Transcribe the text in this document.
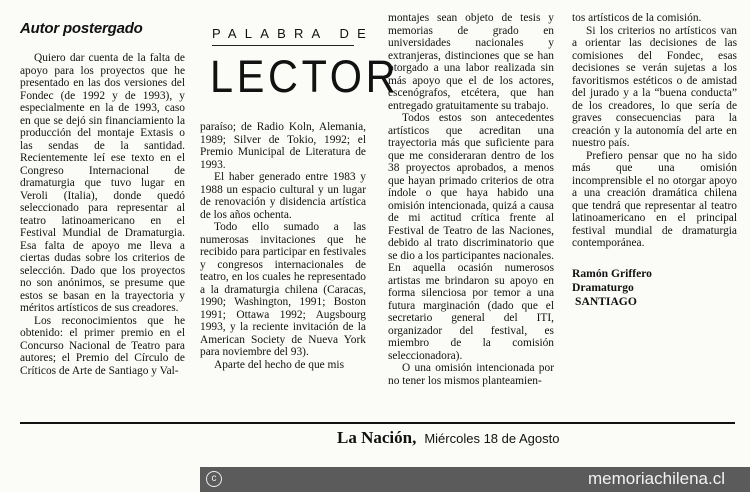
Autor postergado	PALABRA DE
LECTOR

Quiero dar cuenta de la falta de apoyo para los proyectos que he presentado en las dos versiones del Fondec (de 1992 y de 1993), y especialmente en la de 1993, caso en que se dejó sin financiamiento la producción del montaje Extasis o las sendas de la santidad. Recientemente leí ese texto en el Congreso Internacional de dramaturgia que tuvo lugar en Veroli (Italia), donde quedó seleccionado para representar al teatro latinoamericano en el Festival Mundial de Dramaturgia. Esa falta de apoyo me lleva a ciertas dudas sobre los criterios de selección. Dado que los proyectos no son anónimos, se presume que estos se basan en la trayectoria y méritos artísticos de sus creadores.

Los reconocimientos que he obtenido: el primer premio en el Concurso Nacional de Teatro para autores; el Premio del Círculo de Críticos de Arte de Santiago y Val-

paraíso; de Radio Koln, Alemania, 1989; Silver de Tokio, 1992; el Premio Municipal de Literatura de 1993.

El haber generado entre 1983 y 1988 un espacio cultural y un lugar de renovación y disidencia artística de los años ochenta.

Todo ello sumado a las numerosas invitaciones que he recibido para participar en festivales y congresos internacionales de teatro, en los cuales he representado a la dramaturgia chilena (Caracas, 1990; Washington, 1991; Boston 1991; Ottawa 1992; Augsbourg 1993, y la reciente invitación de la American Society de Nueva York para noviembre del 93).

Aparte del hecho de que mis

montajes sean objeto de tesis y memorias de grado en universidades nacionales y extranjeras, distinciones que se han otorgado a una labor realizada sin más apoyo que el de los actores, escenógrafos, etcétera, que han entregado gratuitamente su trabajo.

Todos estos son antecedentes artísticos que acreditan una trayectoria más que suficiente para que me consideraran dentro de los 38 proyectos aprobados, a menos que hayan primado criterios de otra índole o que haya habido una omisión intencionada, quizá a causa de mi actitud crítica frente al Festival de Teatro de las Naciones, debido al trato discriminatorio que se dio a los participantes nacionales. En aquella ocasión numerosos artistas me brindaron su apoyo en forma silenciosa por temor a una futura marginación (dado que el secretario general del ITI, organizador del festival, es miembro de la comisión seleccionadora).

O una omisión intencionada por no tener los mismos planteamien-

tos artísticos de la comisión.

Si los criterios no artísticos van a orientar las decisiones de las comisiones del Fondec, esas decisiones se verán sujetas a los favoritismos estéticos o de amistad del jurado y a la “buena conducta” de los creadores, lo que sería de graves consecuencias para la creación y la autonomía del arte en nuestro país.

Prefiero pensar que no ha sido más que una omisión incomprensible el no otorgar apoyo a una creación dramática chilena que tendrá que representar al teatro latinoamericano en el principal festival mundial de dramaturgia contemporánea.

Ramón Griffero
Dramaturgo
SANTIAGO
La Nación, Miércoles 18 de Agosto
c	memoriachilena.cl
